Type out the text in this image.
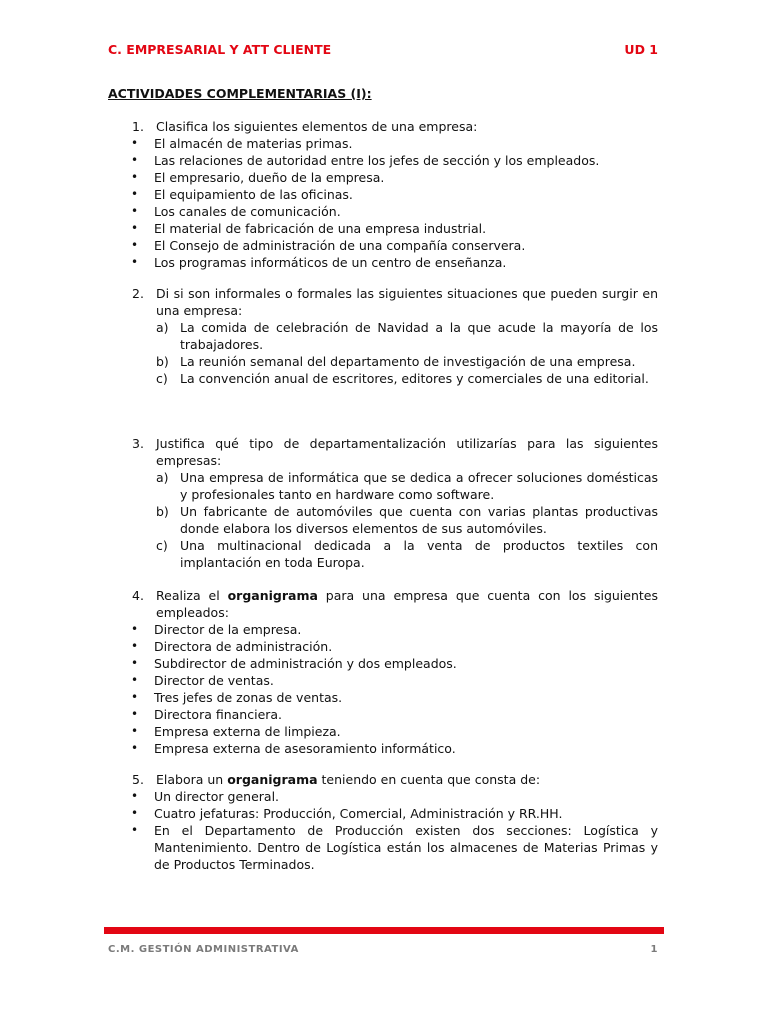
C. EMPRESARIAL Y ATT CLIENTE	UD 1
ACTIVIDADES COMPLEMENTARIAS (I):
1. Clasifica los siguientes elementos de una empresa:
• El almacén de materias primas.
• Las relaciones de autoridad entre los jefes de sección y los empleados.
• El empresario, dueño de la empresa.
• El equipamiento de las oficinas.
• Los canales de comunicación.
• El material de fabricación de una empresa industrial.
• El Consejo de administración de una compañía conservera.
• Los programas informáticos de un centro de enseñanza.
2. Di si son informales o formales las siguientes situaciones que pueden surgir en una empresa:
a) La comida de celebración de Navidad a la que acude la mayoría de los trabajadores.
b) La reunión semanal del departamento de investigación de una empresa.
c) La convención anual de escritores, editores y comerciales de una editorial.
3. Justifica qué tipo de departamentalización utilizarías para las siguientes empresas:
a) Una empresa de informática que se dedica a ofrecer soluciones domésticas y profesionales tanto en hardware como software.
b) Un fabricante de automóviles que cuenta con varias plantas productivas donde elabora los diversos elementos de sus automóviles.
c) Una multinacional dedicada a la venta de productos textiles con implantación en toda Europa.
4. Realiza el organigrama para una empresa que cuenta con los siguientes empleados:
• Director de la empresa.
• Directora de administración.
• Subdirector de administración y dos empleados.
• Director de ventas.
• Tres jefes de zonas de ventas.
• Directora financiera.
• Empresa externa de limpieza.
• Empresa externa de asesoramiento informático.
5. Elabora un organigrama teniendo en cuenta que consta de:
• Un director general.
• Cuatro jefaturas: Producción, Comercial, Administración y RR.HH.
• En el Departamento de Producción existen dos secciones: Logística y Mantenimiento. Dentro de Logística están los almacenes de Materias Primas y de Productos Terminados.
C.M. GESTIÓN ADMINISTRATIVA	1
